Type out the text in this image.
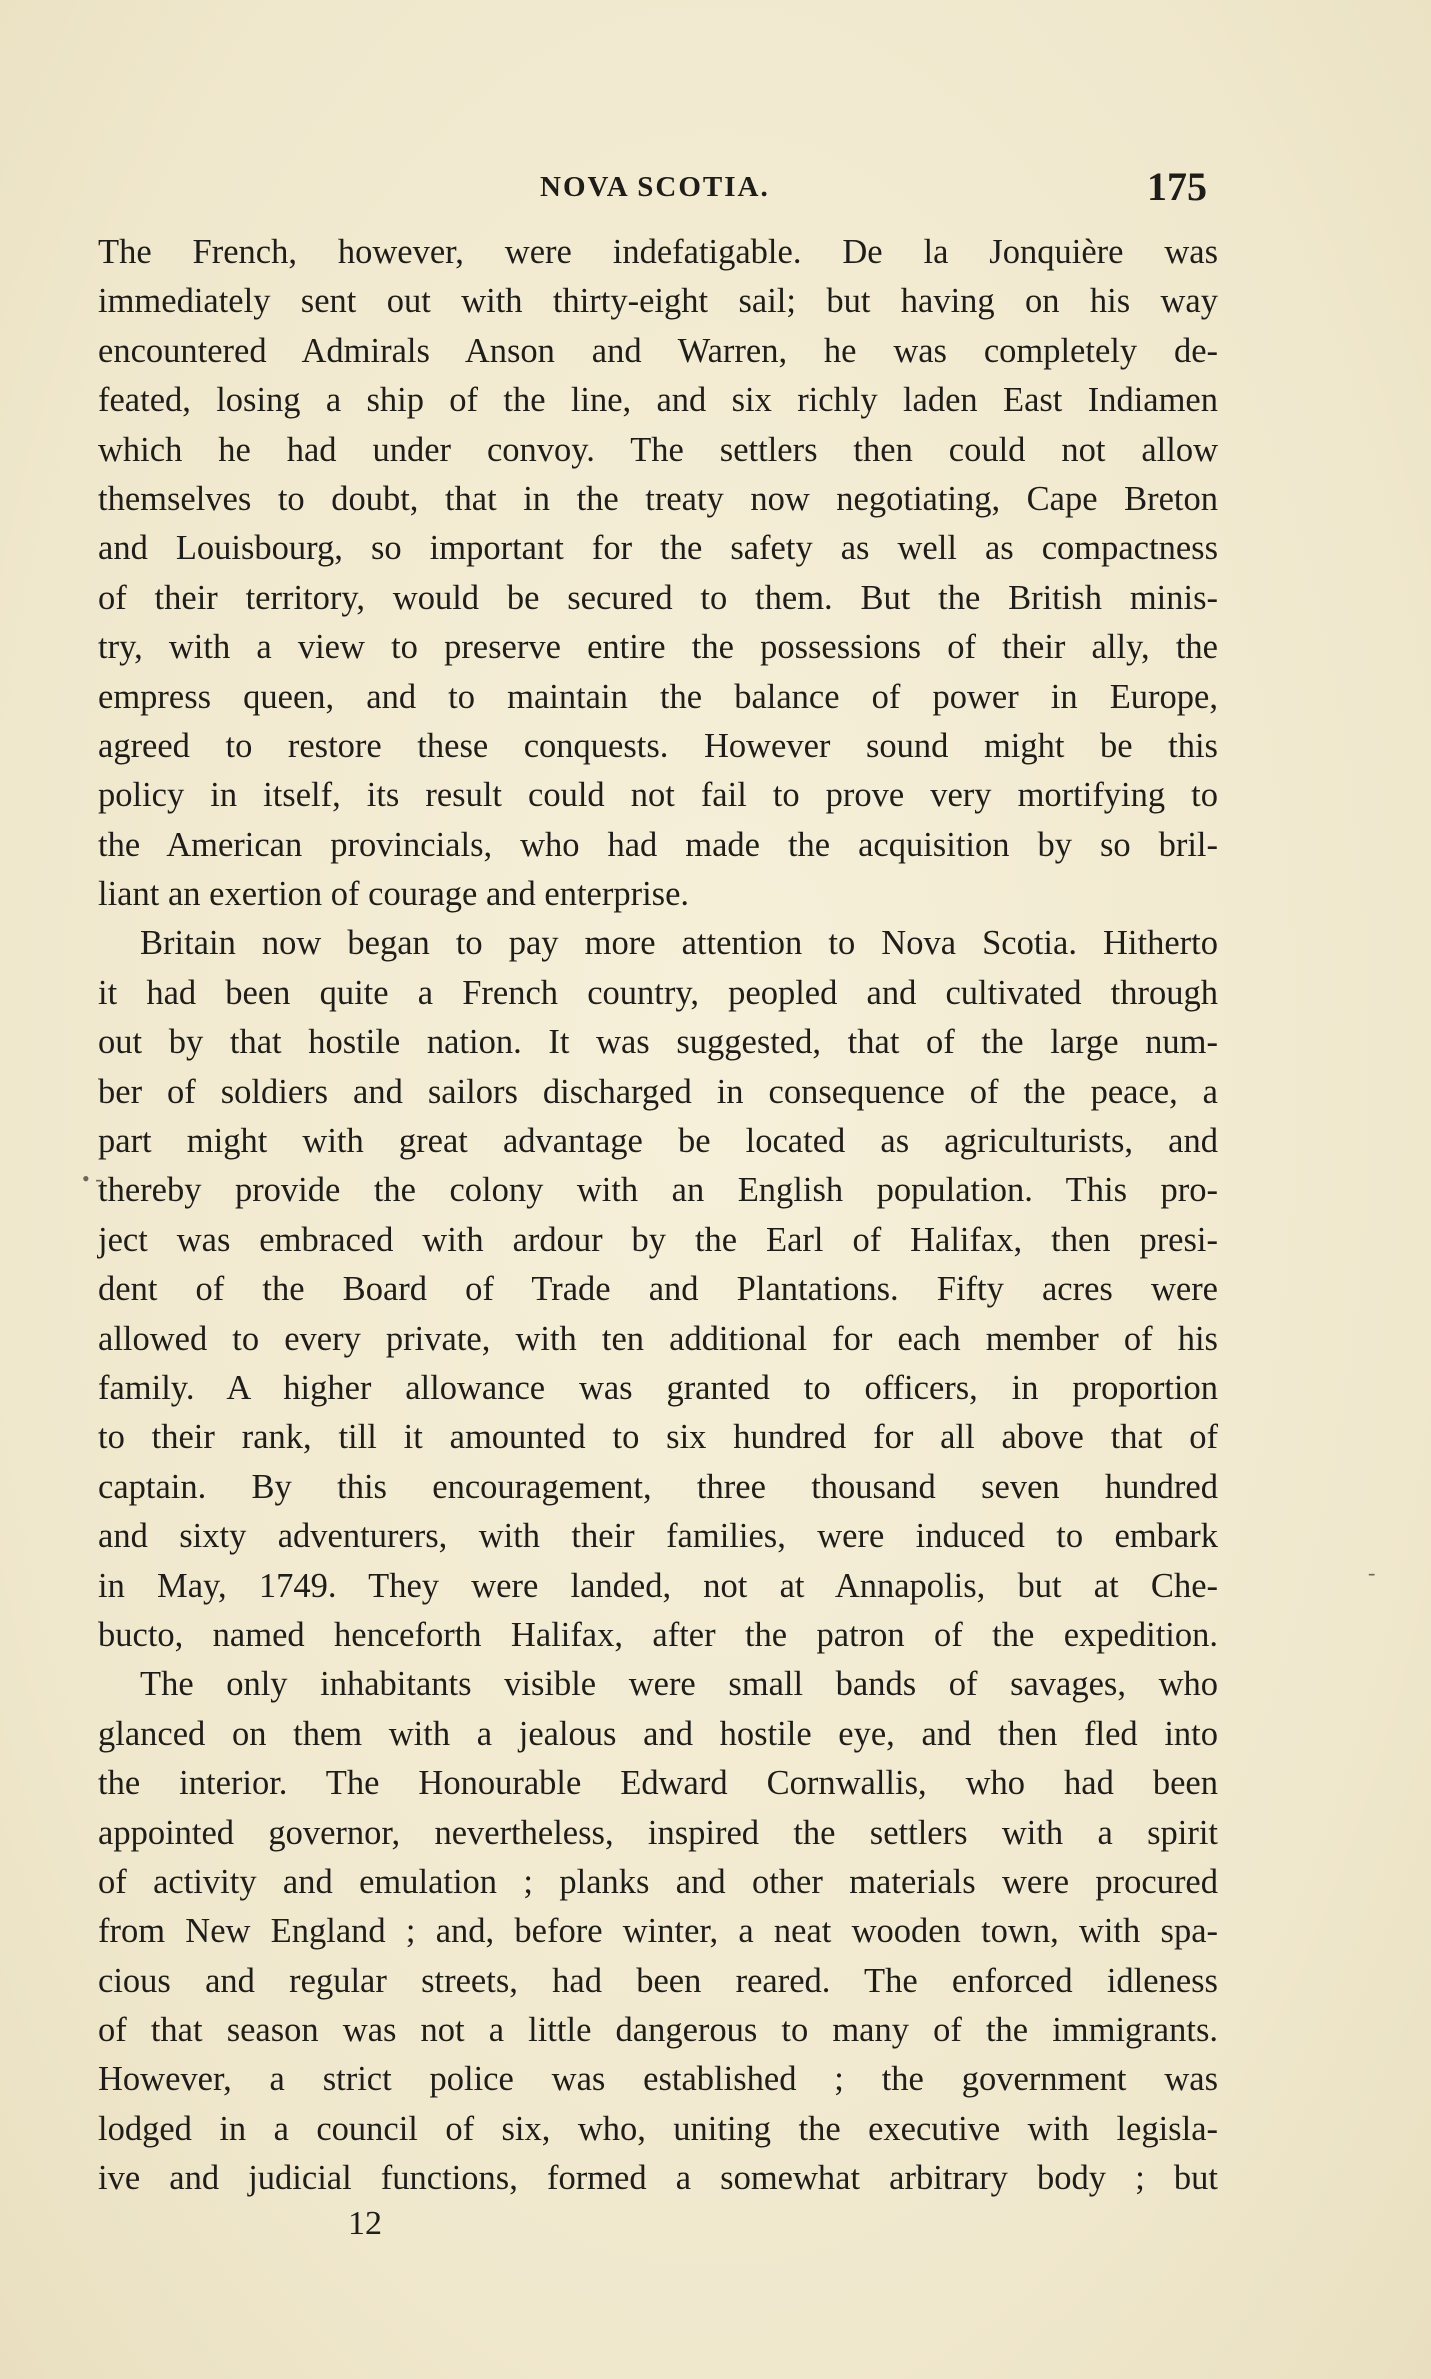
NOVA SCOTIA.	175
The French, however, were indefatigable. De la Jonquière was
immediately sent out with thirty-eight sail; but having on his way
encountered Admirals Anson and Warren, he was completely de-
feated, losing a ship of the line, and six richly laden East Indiamen
which he had under convoy. The settlers then could not allow
themselves to doubt, that in the treaty now negotiating, Cape Breton
and Louisbourg, so important for the safety as well as compactness
of their territory, would be secured to them. But the British minis-
try, with a view to preserve entire the possessions of their ally, the
empress queen, and to maintain the balance of power in Europe,
agreed to restore these conquests. However sound might be this
policy in itself, its result could not fail to prove very mortifying to
the American provincials, who had made the acquisition by so bril-
liant an exertion of courage and enterprise.
Britain now began to pay more attention to Nova Scotia. Hitherto
it had been quite a French country, peopled and cultivated through
out by that hostile nation. It was suggested, that of the large num-
ber of soldiers and sailors discharged in consequence of the peace, a
part might with great advantage be located as agriculturists, and
thereby provide the colony with an English population. This pro-
ject was embraced with ardour by the Earl of Halifax, then presi-
dent of the Board of Trade and Plantations. Fifty acres were
allowed to every private, with ten additional for each member of his
family. A higher allowance was granted to officers, in proportion
to their rank, till it amounted to six hundred for all above that of
captain. By this encouragement, three thousand seven hundred
and sixty adventurers, with their families, were induced to embark
in May, 1749. They were landed, not at Annapolis, but at Che-
bucto, named henceforth Halifax, after the patron of the expedition.
The only inhabitants visible were small bands of savages, who
glanced on them with a jealous and hostile eye, and then fled into
the interior. The Honourable Edward Cornwallis, who had been
appointed governor, nevertheless, inspired the settlers with a spirit
of activity and emulation ; planks and other materials were procured
from New England ; and, before winter, a neat wooden town, with spa-
cious and regular streets, had been reared. The enforced idleness
of that season was not a little dangerous to many of the immigrants.
However, a strict police was established ; the government was
lodged in a council of six, who, uniting the executive with legisla-
ive and judicial functions, formed a somewhat arbitrary body ; but
12
• -
-
